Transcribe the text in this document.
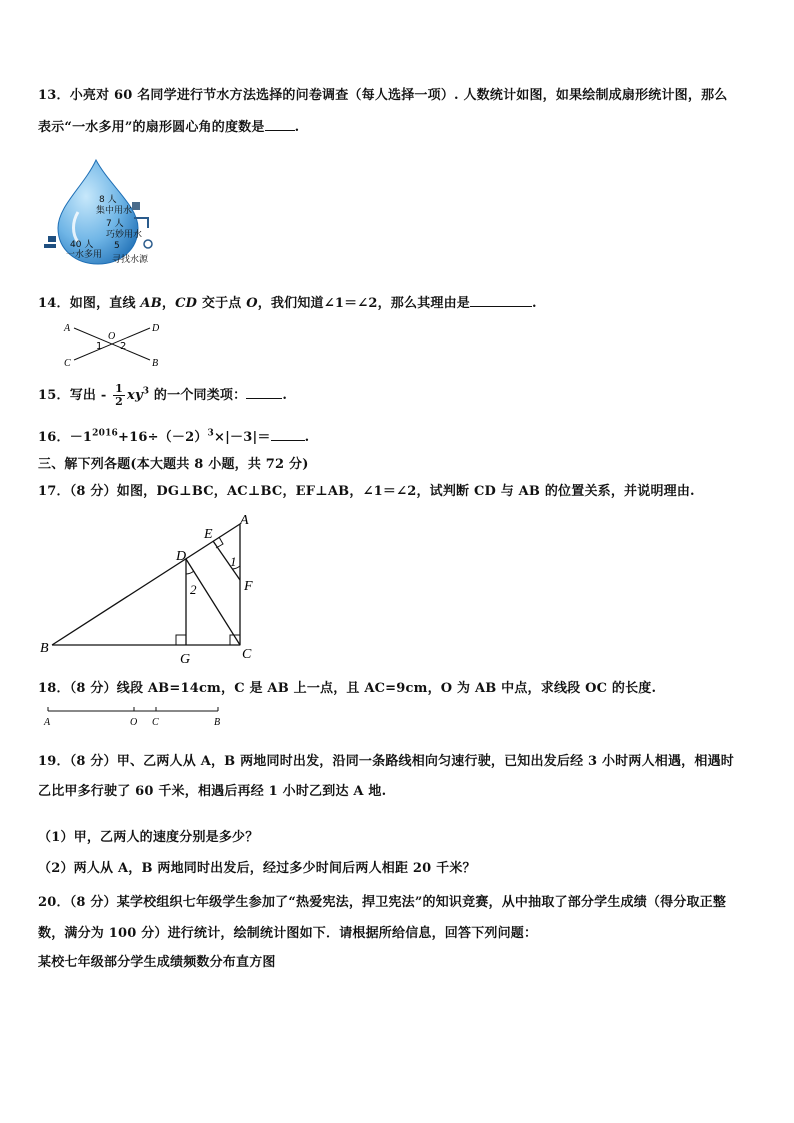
13．小亮对 60 名同学进行节水方法选择的问卷调查（每人选择一项）. 人数统计如图，如果绘制成扇形统计图，那么
表示“一水多用”的扇形圆心角的度数是 .
8 人
集中用水
7 人
巧妙用水
40 人
一水多用
5
寻找水源
14．如图，直线 AB，CD 交于点 O，我们知道∠1＝∠2，那么其理由是	.
A	D
C	B
O
1 2
15．写出 - $\frac{1}{2} xy^3$ 的一个同类项：	.
16．$-1^{2016}+16\div(-2)^3\times|-3|=$	.
三、解下列各题(本大题共 8 小题，共 72 分)
17．（8 分）如图，DG⊥BC，AC⊥BC，EF⊥AB，∠1＝∠2，试判断 CD 与 AB 的位置关系，并说明理由.
A
B	C
D
E
F
G
2
1
18．（8 分）线段 AB=14cm，C 是 AB 上一点，且 AC=9cm，O 为 AB 中点，求线段 OC 的长度.
A	O C	B
19．（8 分）甲、乙两人从 A，B 两地同时出发，沿同一条路线相向匀速行驶，已知出发后经 3 小时两人相遇，相遇时
乙比甲多行驶了 60 千米，相遇后再经 1 小时乙到达 A 地.
（1）甲，乙两人的速度分别是多少？
（2）两人从 A，B 两地同时出发后，经过多少时间后两人相距 20 千米？
20．（8 分）某学校组织七年级学生参加了“热爱宪法，捍卫宪法”的知识竞赛，从中抽取了部分学生成绩（得分取正整
数，满分为 100 分）进行统计，绘制统计图如下．请根据所给信息，回答下列问题：
某校七年级部分学生成绩频数分布直方图
